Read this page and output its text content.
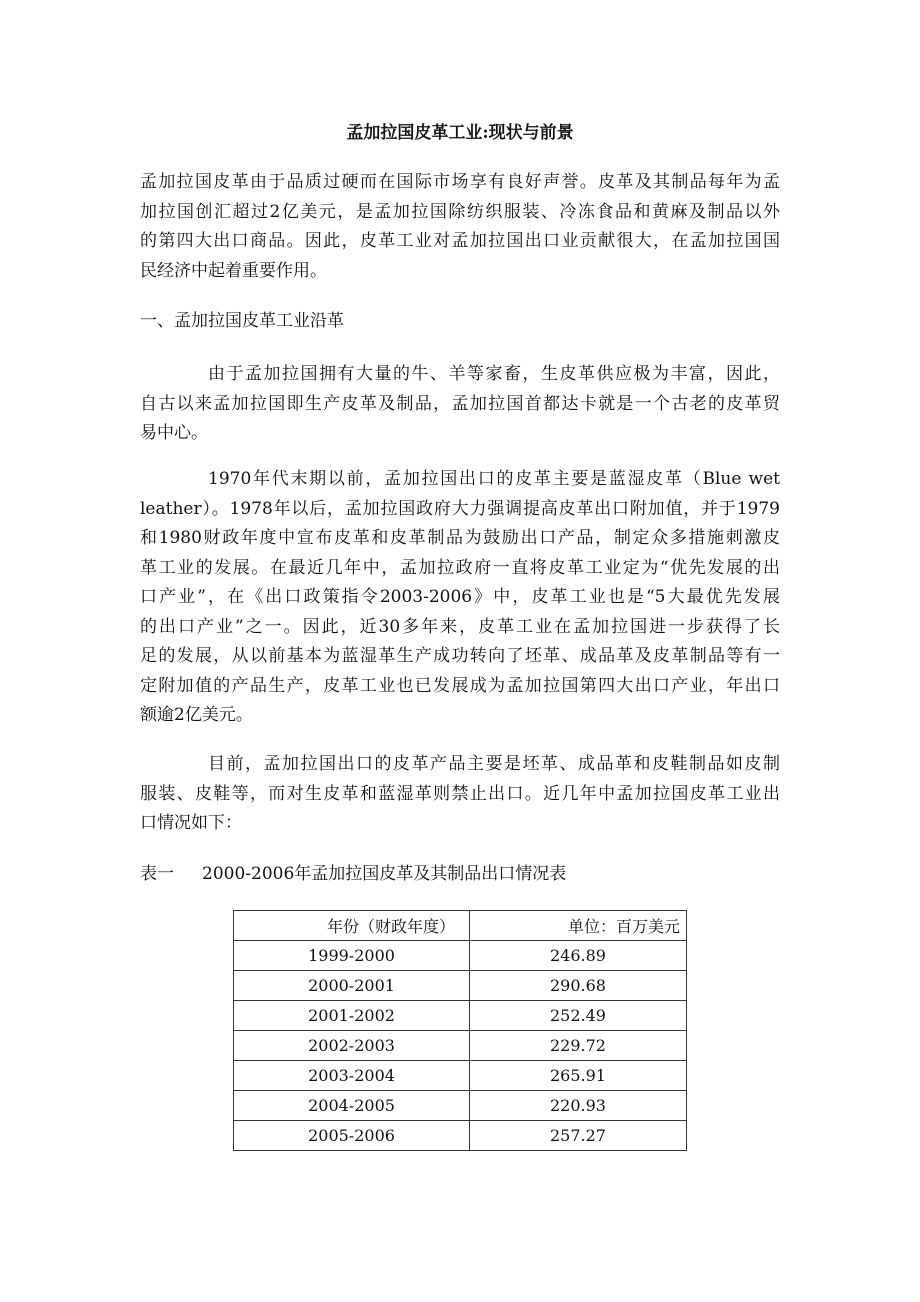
孟加拉国皮革工业:现状与前景
孟加拉国皮革由于品质过硬而在国际市场享有良好声誉。皮革及其制品每年为孟
加拉国创汇超过2亿美元，是孟加拉国除纺织服装、冷冻食品和黄麻及制品以外
的第四大出口商品。因此，皮革工业对孟加拉国出口业贡献很大，在孟加拉国国
民经济中起着重要作用。
一、孟加拉国皮革工业沿革
由于孟加拉国拥有大量的牛、羊等家畜，生皮革供应极为丰富，因此，
自古以来孟加拉国即生产皮革及制品，孟加拉国首都达卡就是一个古老的皮革贸
易中心。
1970年代末期以前，孟加拉国出口的皮革主要是蓝湿皮革（Blue wet
leather）。1978年以后，孟加拉国政府大力强调提高皮革出口附加值，并于1979
和1980财政年度中宣布皮革和皮革制品为鼓励出口产品，制定众多措施刺激皮
革工业的发展。在最近几年中，孟加拉政府一直将皮革工业定为“优先发展的出
口产业”，在《出口政策指令2003-2006》中，皮革工业也是“5大最优先发展
的出口产业”之一。因此，近30多年来，皮革工业在孟加拉国进一步获得了长
足的发展，从以前基本为蓝湿革生产成功转向了坯革、成品革及皮革制品等有一
定附加值的产品生产，皮革工业也已发展成为孟加拉国第四大出口产业，年出口
额逾2亿美元。
目前，孟加拉国出口的皮革产品主要是坯革、成品革和皮鞋制品如皮制
服装、皮鞋等，而对生皮革和蓝湿革则禁止出口。近几年中孟加拉国皮革工业出
口情况如下：
表一 2000-2006年孟加拉国皮革及其制品出口情况表
年份（财政年度）	单位：百万美元
1999-2000	246.89
2000-2001	290.68
2001-2002	252.49
2002-2003	229.72
2003-2004	265.91
2004-2005	220.93
2005-2006	257.27
